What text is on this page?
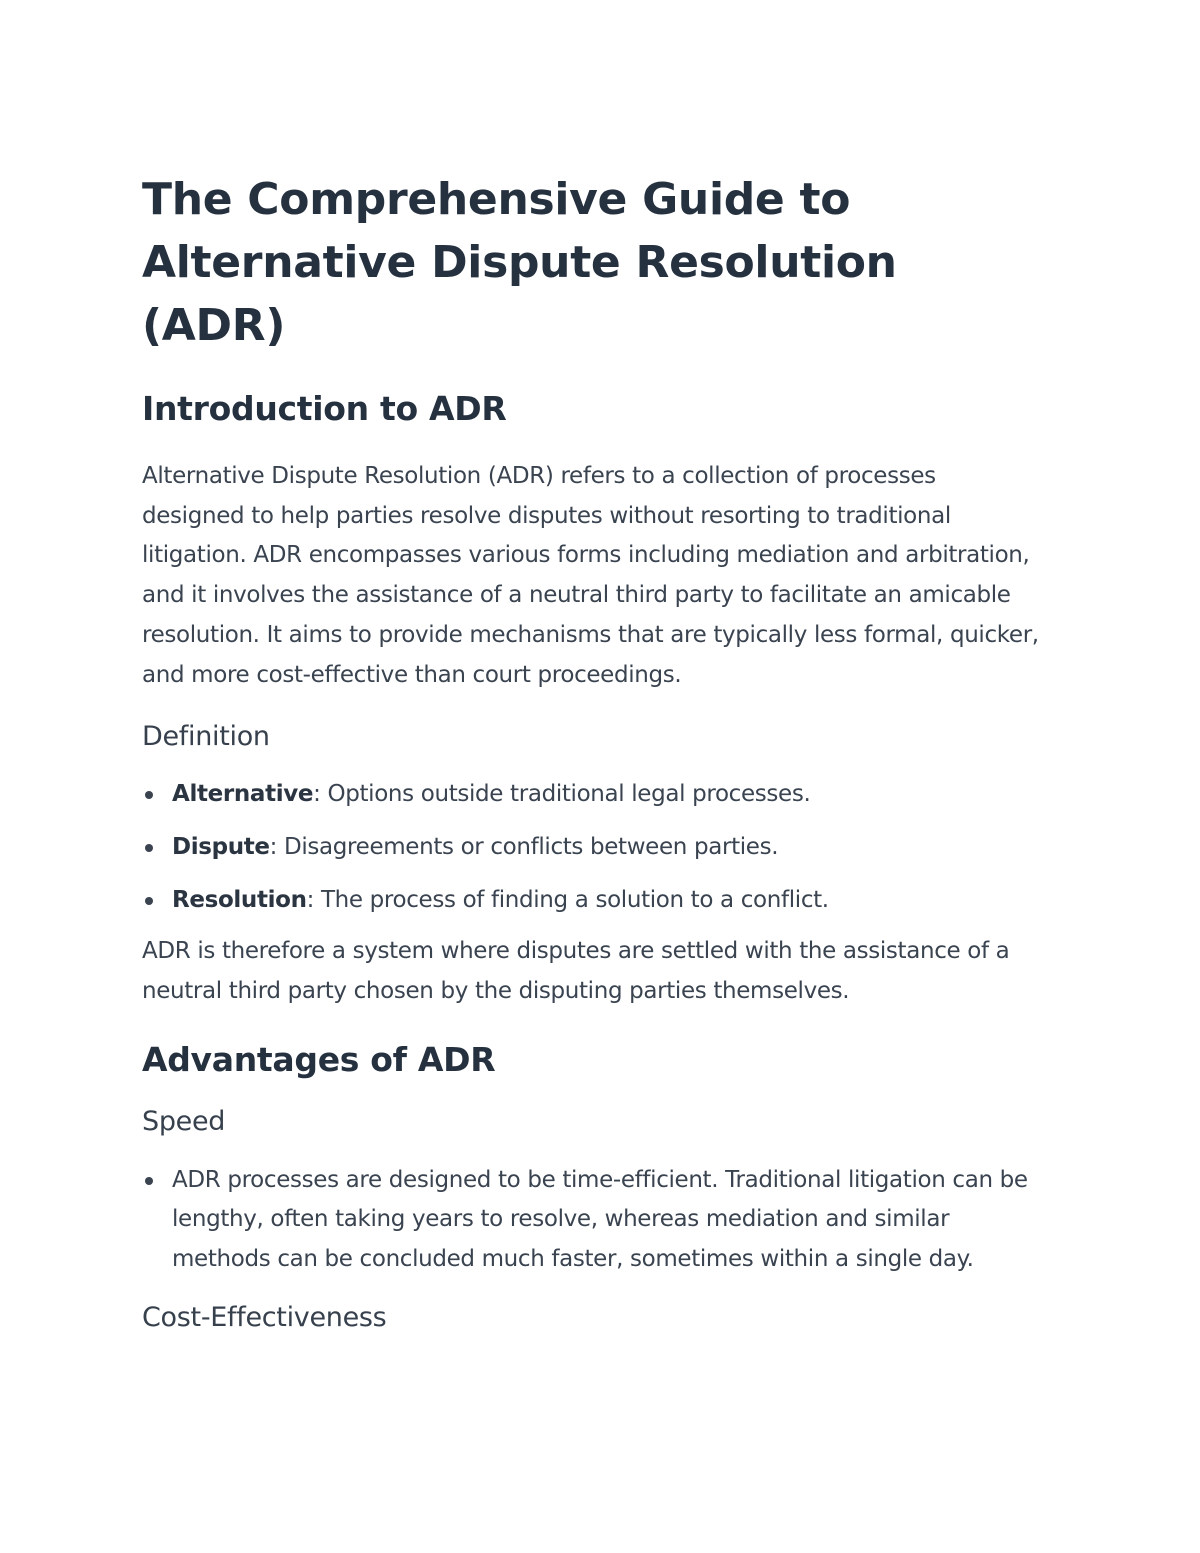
The Comprehensive Guide to Alternative Dispute Resolution (ADR)
Introduction to ADR

Alternative Dispute Resolution (ADR) refers to a collection of processes designed to help parties resolve disputes without resorting to traditional litigation. ADR encompasses various forms including mediation and arbitration, and it involves the assistance of a neutral third party to facilitate an amicable resolution. It aims to provide mechanisms that are typically less formal, quicker, and more cost-effective than court proceedings.

Definition
Alternative: Options outside traditional legal processes.
Dispute: Disagreements or conflicts between parties.
Resolution: The process of finding a solution to a conflict.

ADR is therefore a system where disputes are settled with the assistance of a neutral third party chosen by the disputing parties themselves.

Advantages of ADR
Speed
ADR processes are designed to be time-efficient. Traditional litigation can be lengthy, often taking years to resolve, whereas mediation and similar methods can be concluded much faster, sometimes within a single day.
Cost-Effectiveness
